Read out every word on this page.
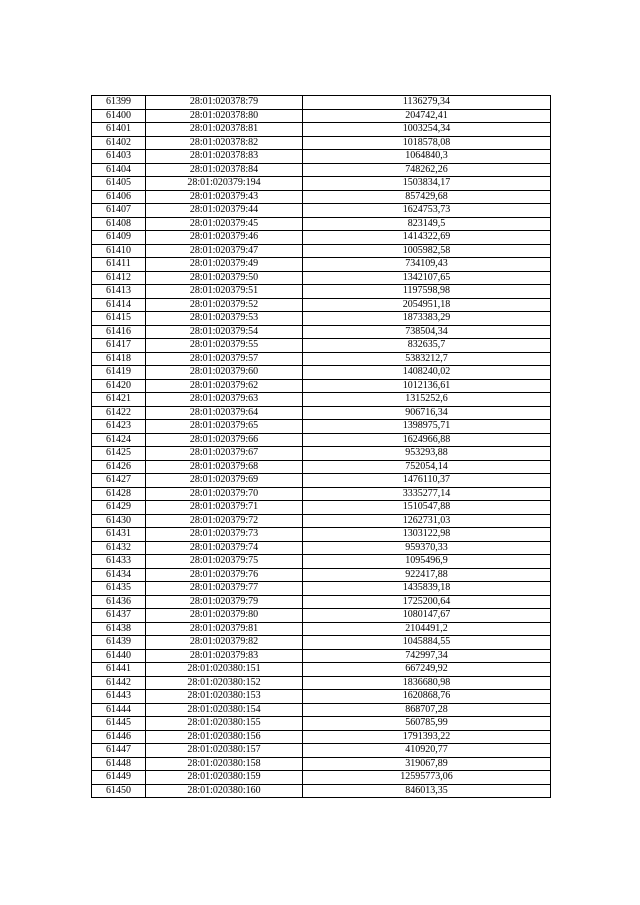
61399	28:01:020378:79	1136279,34
61400	28:01:020378:80	204742,41
61401	28:01:020378:81	1003254,34
61402	28:01:020378:82	1018578,08
61403	28:01:020378:83	1064840,3
61404	28:01:020378:84	748262,26
61405	28:01:020379:194	1503834,17
61406	28:01:020379:43	857429,68
61407	28:01:020379:44	1624753,73
61408	28:01:020379:45	823149,5
61409	28:01:020379:46	1414322,69
61410	28:01:020379:47	1005982,58
61411	28:01:020379:49	734109,43
61412	28:01:020379:50	1342107,65
61413	28:01:020379:51	1197598,98
61414	28:01:020379:52	2054951,18
61415	28:01:020379:53	1873383,29
61416	28:01:020379:54	738504,34
61417	28:01:020379:55	832635,7
61418	28:01:020379:57	5383212,7
61419	28:01:020379:60	1408240,02
61420	28:01:020379:62	1012136,61
61421	28:01:020379:63	1315252,6
61422	28:01:020379:64	906716,34
61423	28:01:020379:65	1398975,71
61424	28:01:020379:66	1624966,88
61425	28:01:020379:67	953293,88
61426	28:01:020379:68	752054,14
61427	28:01:020379:69	1476110,37
61428	28:01:020379:70	3335277,14
61429	28:01:020379:71	1510547,88
61430	28:01:020379:72	1262731,03
61431	28:01:020379:73	1303122,98
61432	28:01:020379:74	959370,33
61433	28:01:020379:75	1095496,9
61434	28:01:020379:76	922417,88
61435	28:01:020379:77	1435839,18
61436	28:01:020379:79	1725200,64
61437	28:01:020379:80	1080147,67
61438	28:01:020379:81	2104491,2
61439	28:01:020379:82	1045884,55
61440	28:01:020379:83	742997,34
61441	28:01:020380:151	667249,92
61442	28:01:020380:152	1836680,98
61443	28:01:020380:153	1620868,76
61444	28:01:020380:154	868707,28
61445	28:01:020380:155	560785,99
61446	28:01:020380:156	1791393,22
61447	28:01:020380:157	410920,77
61448	28:01:020380:158	319067,89
61449	28:01:020380:159	12595773,06
61450	28:01:020380:160	846013,35
